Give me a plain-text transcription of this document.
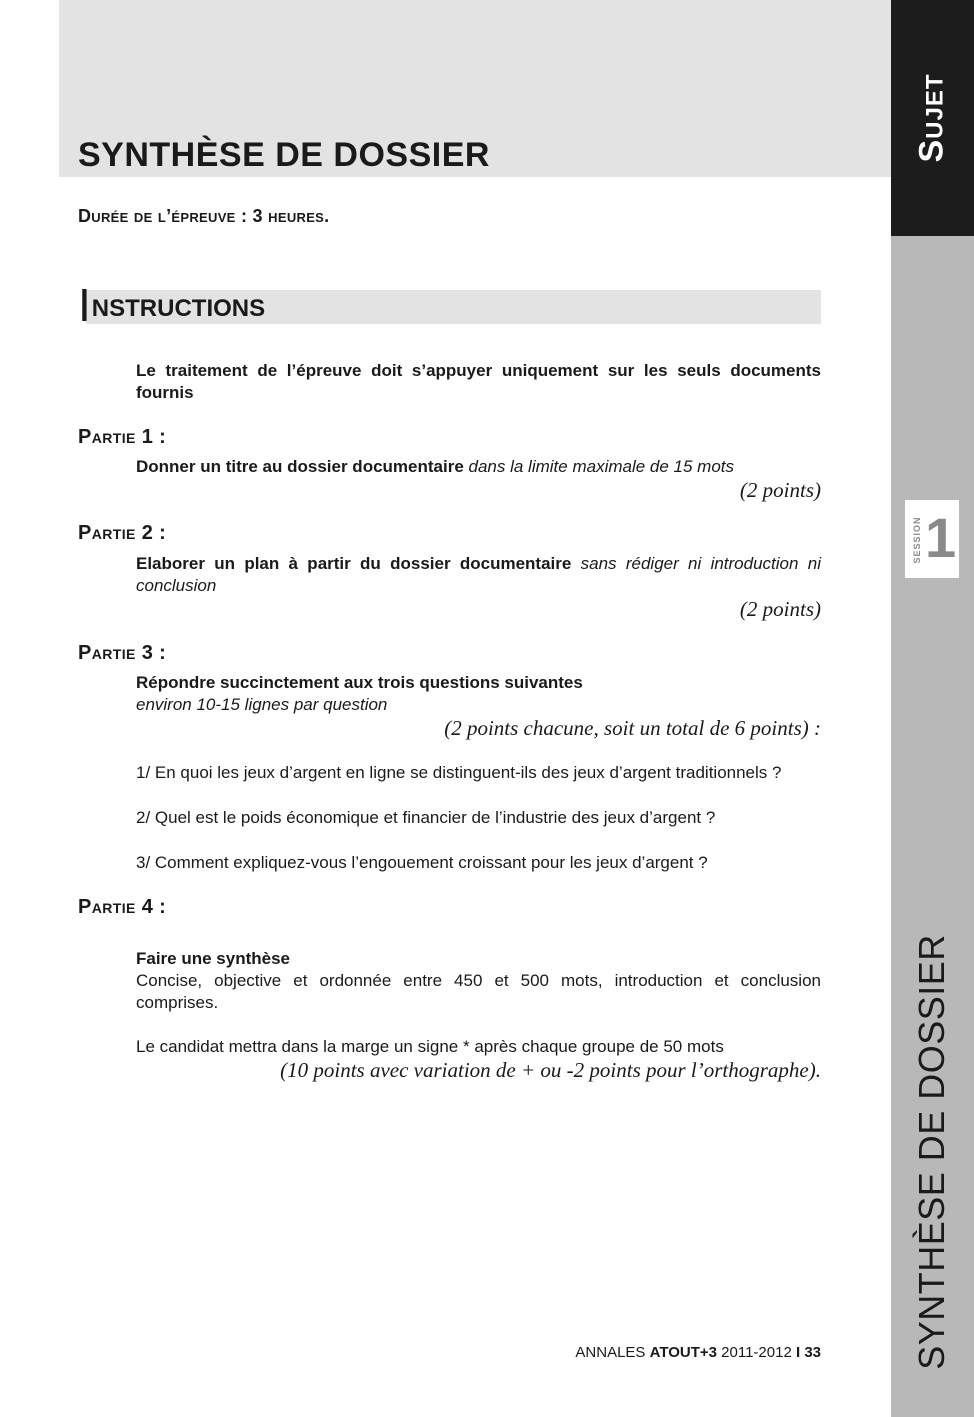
SYNTHÈSE DE DOSSIER
Durée de l’épreuve : 3 heures.
INSTRUCTIONS
Le traitement de l’épreuve doit s’appuyer uniquement sur les seuls documents fournis
Partie 1 :
Donner un titre au dossier documentaire dans la limite maximale de 15 mots
(2 points)
Partie 2 :
Elaborer un plan à partir du dossier documentaire sans rédiger ni introduction ni conclusion
(2 points)
Partie 3 :
Répondre succinctement aux trois questions suivantes
environ 10-15 lignes par question
(2 points chacune, soit un total de 6 points) :
1/ En quoi les jeux d’argent en ligne se distinguent-ils des jeux d’argent traditionnels ?
2/ Quel est le poids économique et financier de l’industrie des jeux d’argent ?
3/ Comment expliquez-vous l’engouement croissant pour les jeux d’argent ?
Partie 4 :
Faire une synthèse
Concise, objective et ordonnée entre 450 et 500 mots, introduction et conclusion comprises.
Le candidat mettra dans la marge un signe * après chaque groupe de 50 mots
(10 points avec variation de + ou -2 points pour l’orthographe).
ANNALES ATOUT+3 2011-2012 I 33
Sujet
SESSION 1
SYNTHÈSE DE DOSSIER
